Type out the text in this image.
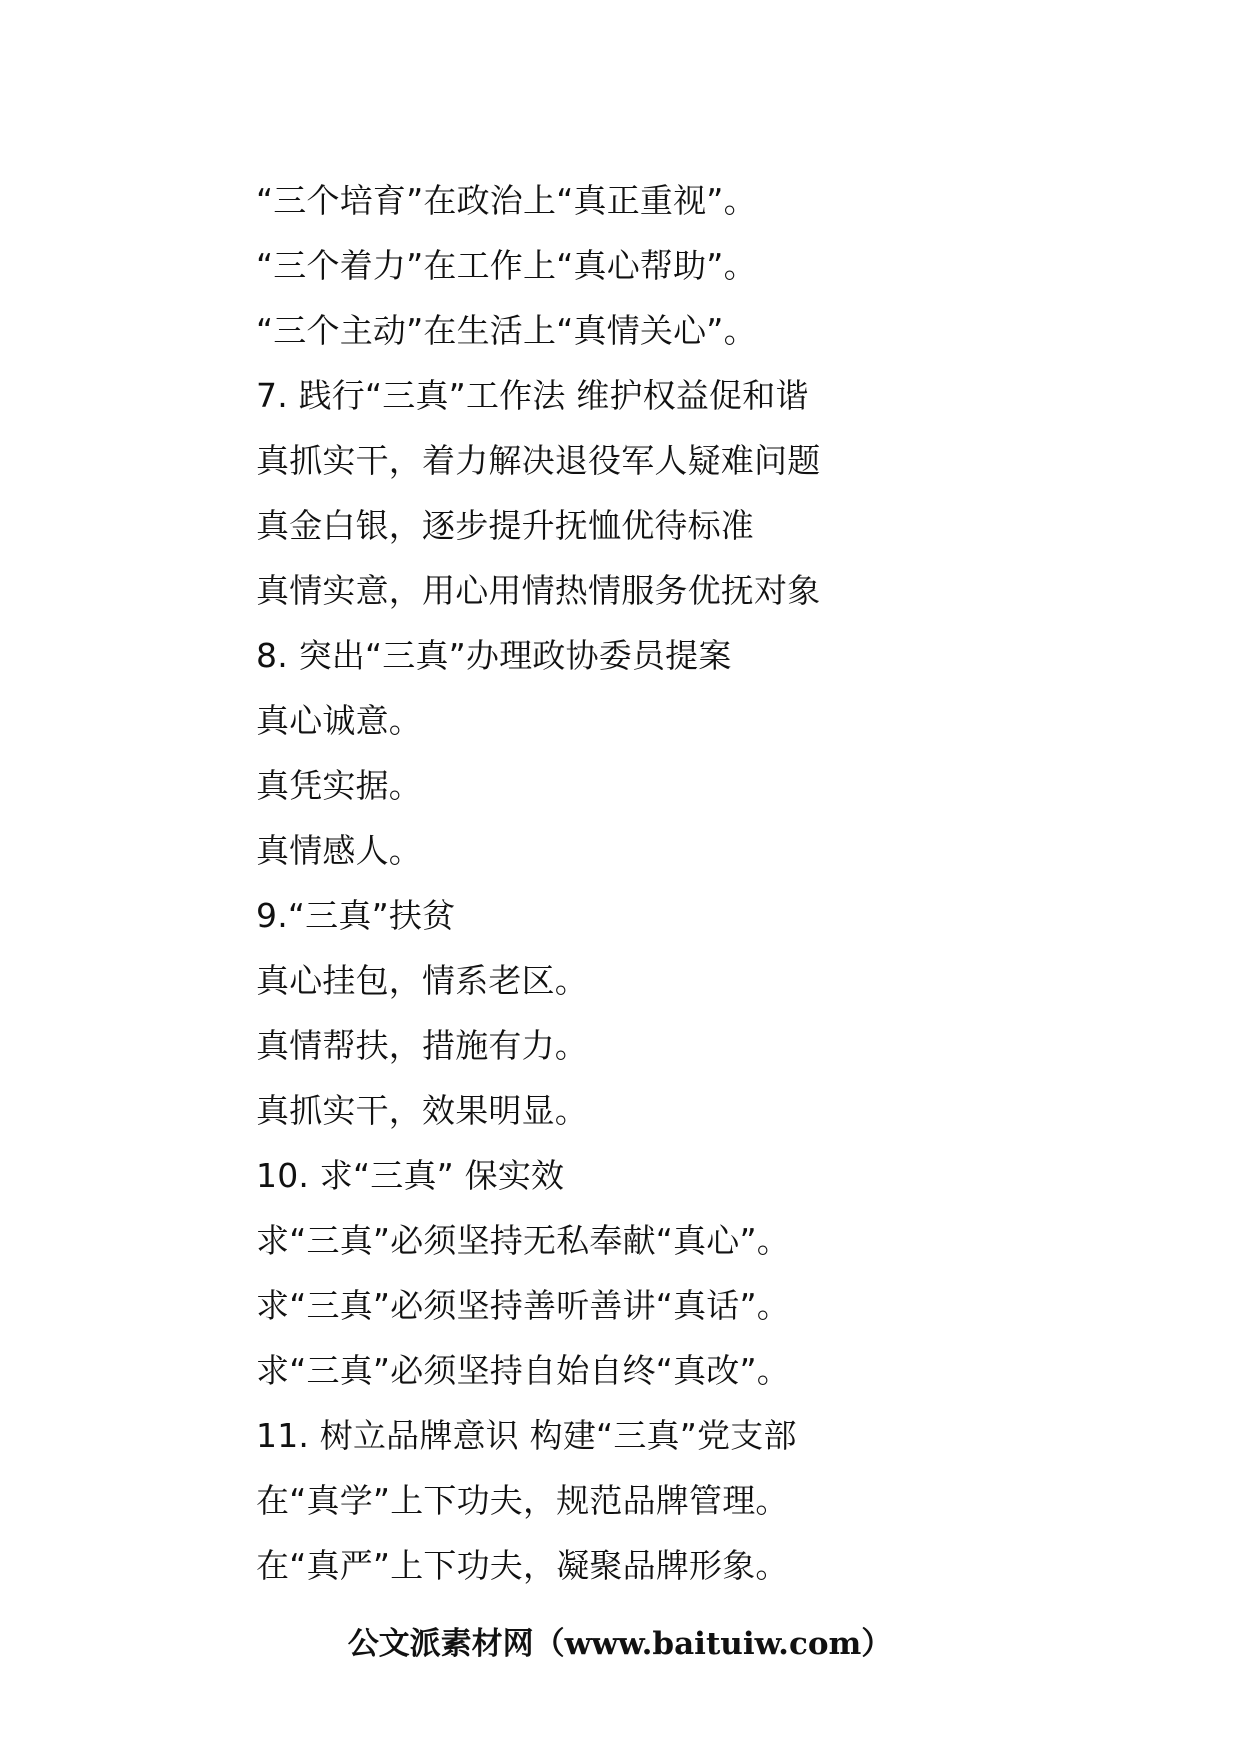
“三个培育”在政治上“真正重视”。
“三个着力”在工作上“真心帮助”。
“三个主动”在生活上“真情关心”。
7. 践行“三真”工作法 维护权益促和谐
真抓实干，着力解决退役军人疑难问题
真金白银，逐步提升抚恤优待标准
真情实意，用心用情热情服务优抚对象
8. 突出“三真”办理政协委员提案
真心诚意。
真凭实据。
真情感人。
9.“三真”扶贫
真心挂包，情系老区。
真情帮扶，措施有力。
真抓实干，效果明显。
10. 求“三真” 保实效
求“三真”必须坚持无私奉献“真心”。
求“三真”必须坚持善听善讲“真话”。
求“三真”必须坚持自始自终“真改”。
11. 树立品牌意识 构建“三真”党支部
在“真学”上下功夫，规范品牌管理。
在“真严”上下功夫，凝聚品牌形象。
公文派素材网（www.baituiw.com）
